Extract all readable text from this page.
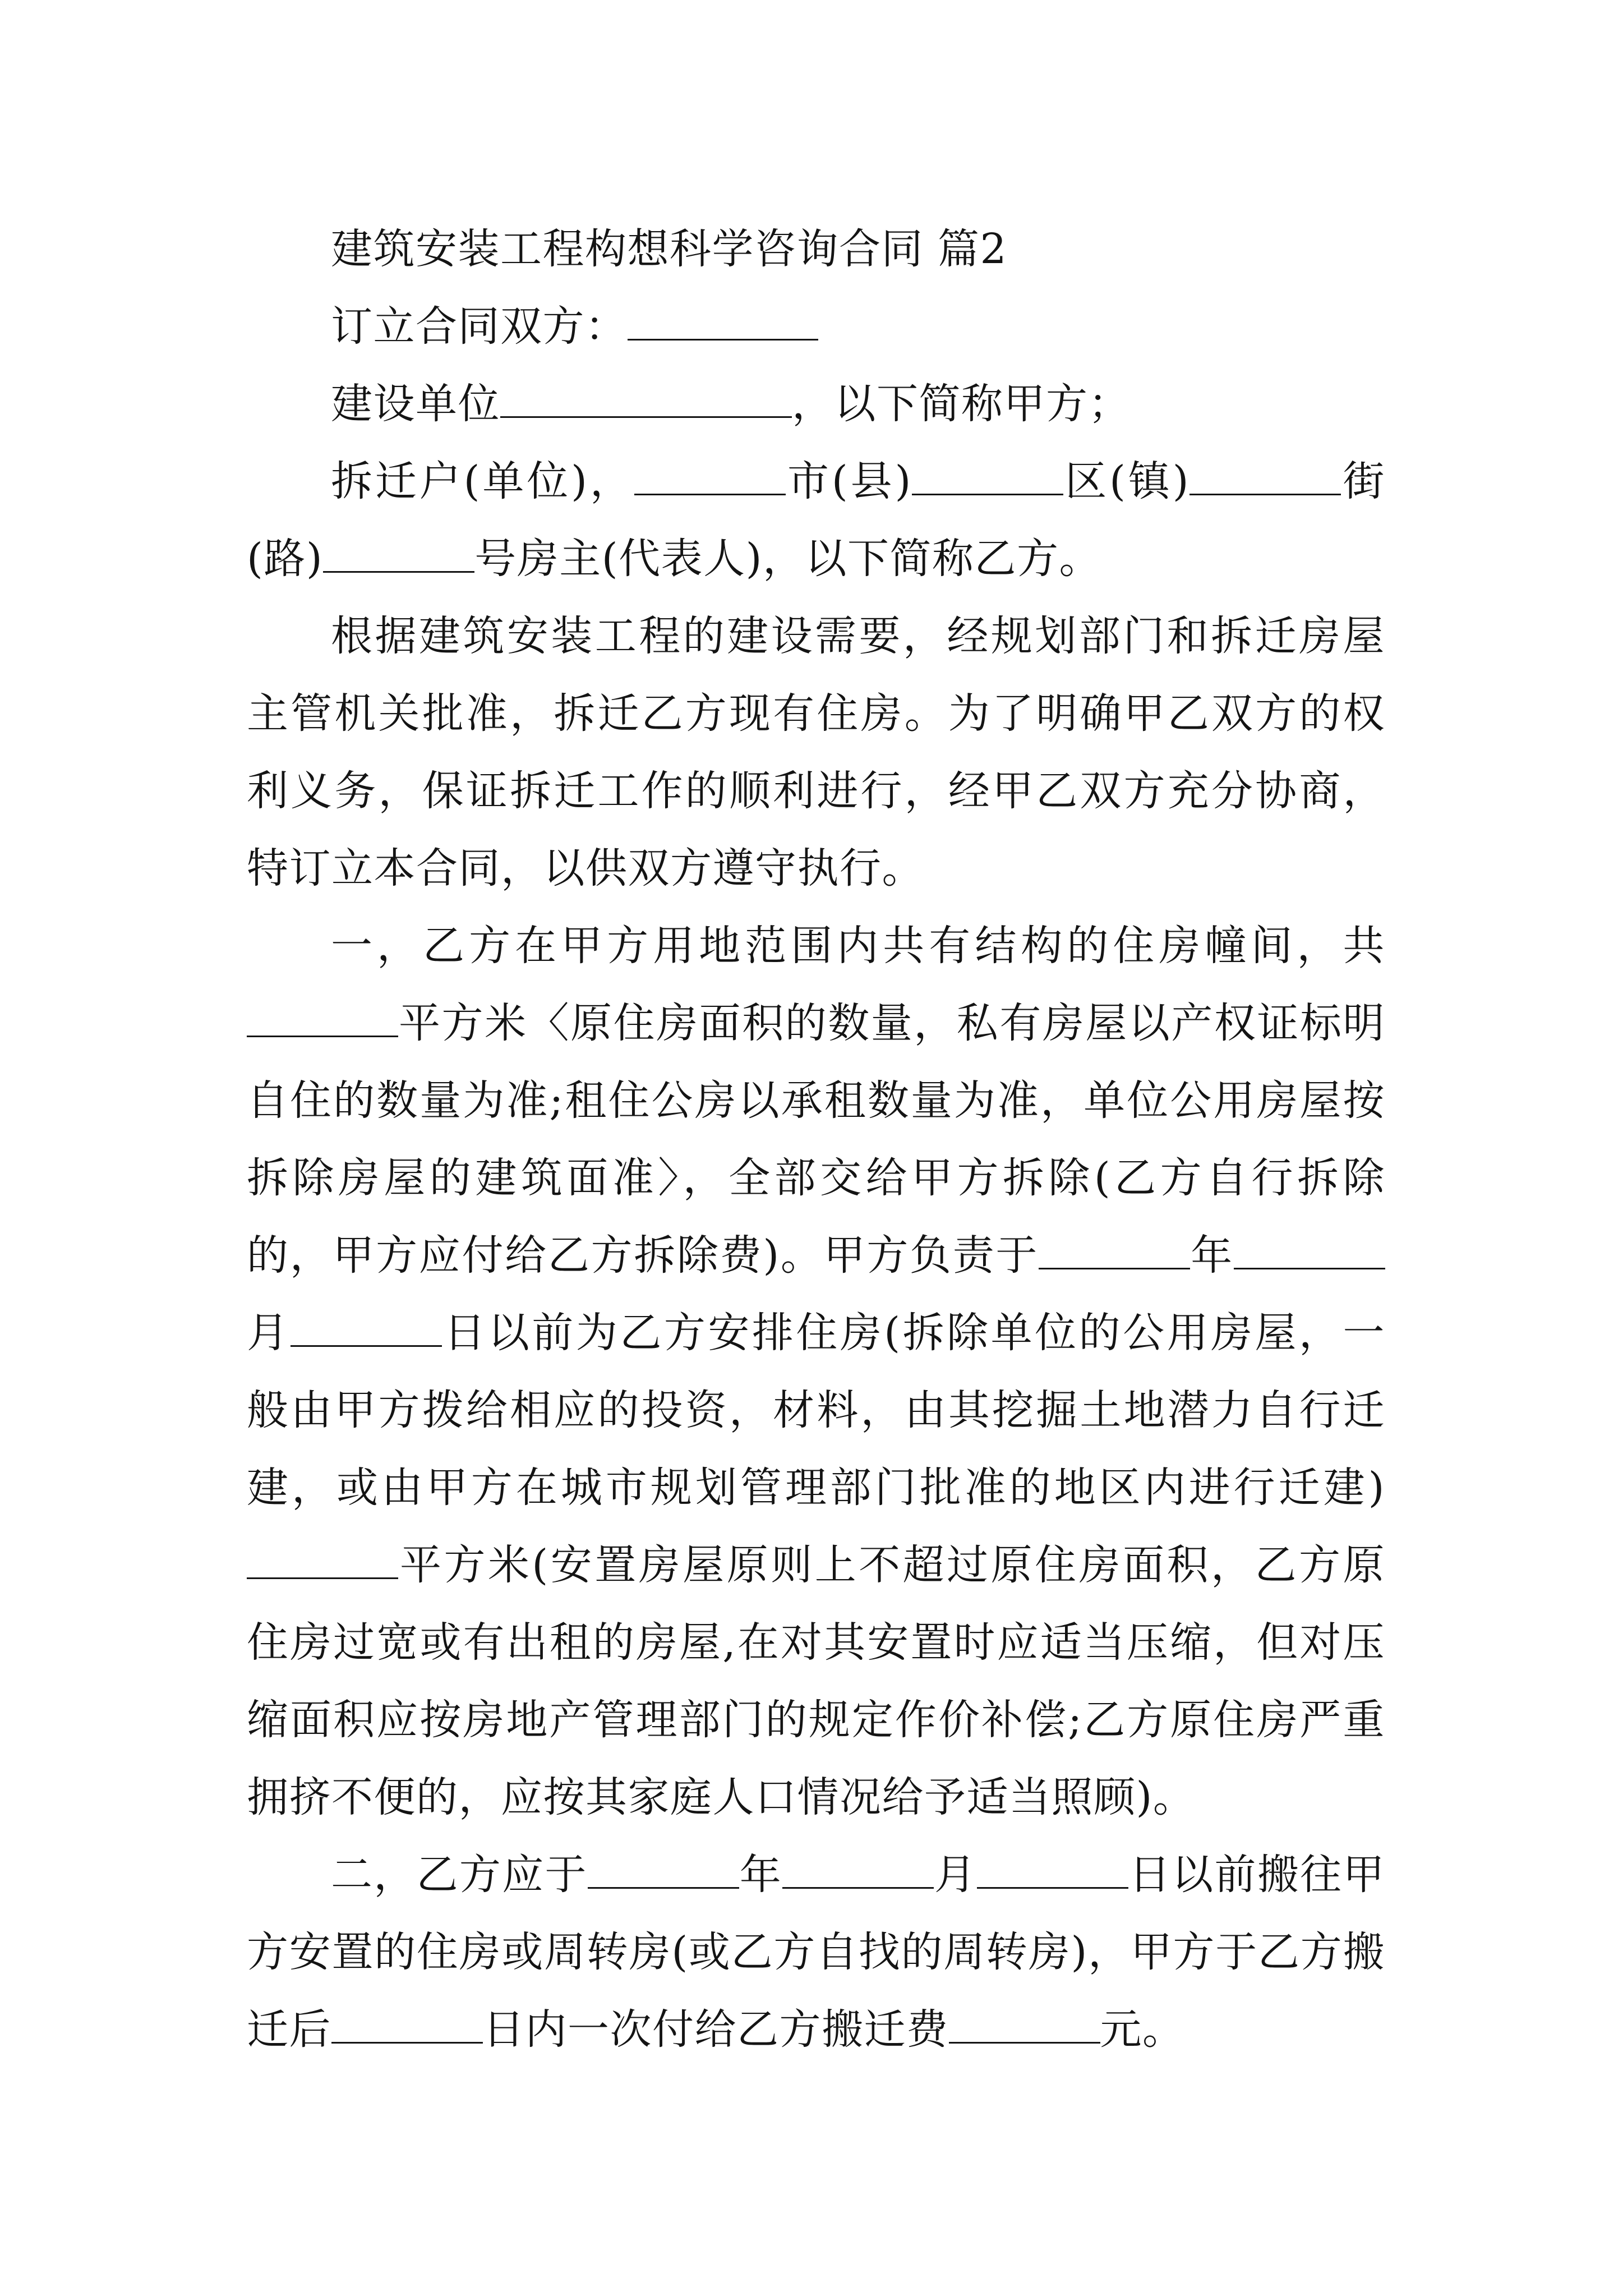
建筑安装工程构想科学咨询合同 篇2

订立合同双方：

建设单位	，以下简称甲方；

拆迁户(单位)，	市(县)	区(镇)	街(路)	号房主(代表人)，以下简称乙方。

根据建筑安装工程的建设需要，经规划部门和拆迁房屋主管机关批准，拆迁乙方现有住房。为了明确甲乙双方的权利义务，保证拆迁工作的顺利进行，经甲乙双方充分协商，特订立本合同，以供双方遵守执行。

一，乙方在甲方用地范围内共有结构的住房幢间，共平方米〈原住房面积的数量，私有房屋以产权证标明自住的数量为准;租住公房以承租数量为准，单位公用房屋按拆除房屋的建筑面准〉，全部交给甲方拆除(乙方自行拆除的，甲方应付给乙方拆除费)。甲方负责于	年月	日以前为乙方安排住房(拆除单位的公用房屋，一般由甲方拨给相应的投资，材料，由其挖掘土地潜力自行迁建，或由甲方在城市规划管理部门批准的地区内进行迁建)平方米(安置房屋原则上不超过原住房面积，乙方原住房过宽或有出租的房屋,在对其安置时应适当压缩，但对压缩面积应按房地产管理部门的规定作价补偿;乙方原住房严重拥挤不便的，应按其家庭人口情况给予适当照顾)。

二，乙方应于	年	月	日以前搬往甲方安置的住房或周转房(或乙方自找的周转房)，甲方于乙方搬迁后	日内一次付给乙方搬迁费	元。
